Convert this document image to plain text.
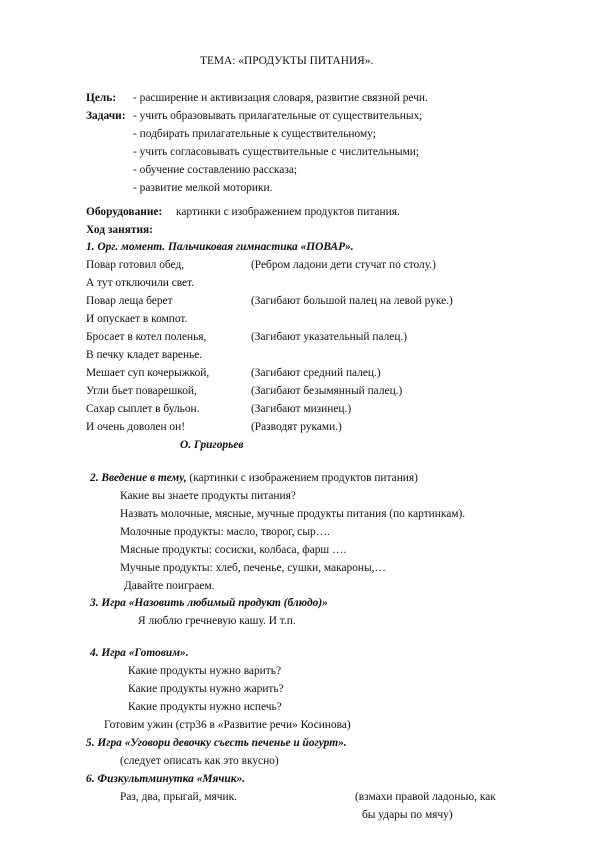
ТЕМА: «ПРОДУКТЫ ПИТАНИЯ».
Цель: - расширение и активизация словаря, развитие связной речи.
Задачи: - учить образовывать прилагательные от существительных;
- подбирать прилагательные к существительному;
- учить согласовывать существительные с числительными;
- обучение составлению рассказа;
- развитие мелкой моторики.
Оборудование: картинки с изображением продуктов питания.
Ход занятия:
1. Орг. момент. Пальчиковая гимнастика «ПОВАР».
Повар готовил обед,	(Ребром ладони дети стучат по столу.)
А тут отключили свет.
Повар леща берет	(Загибают большой палец на левой руке.)
И опускает в компот.
Бросает в котел поленья,	(Загибают указательный палец.)
В печку кладет варенье.
Мешает суп кочерыжкой,	(Загибают средний палец.)
Угли бьет поварешкой,	(Загибают безымянный палец.)
Сахар сыплет в бульон.	(Загибают мизинец.)
И очень доволен он!	(Разводят руками.)
О. Григорьев
2. Введение в тему, (картинки с изображением продуктов питания)
Какие вы знаете продукты питания?
Назвать молочные, мясные, мучные продукты питания (по картинкам).
Молочные продукты: масло, творог, сыр….
Мясные продукты: сосиски, колбаса, фарш ….
Мучные продукты: хлеб, печенье, сушки, макароны,…
Давайте поиграем.
3. Игра «Назовить любимый продукт (блюдо)»
Я люблю гречневую кашу. И т.п.
4. Игра «Готовим».
Какие продукты нужно варить?
Какие продукты нужно жарить?
Какие продукты нужно испечь?
Готовим ужин (стр36 в «Развитие речи» Косинова)
5. Игра «Уговори девочку съесть печенье и йогурт».
(следует описать как это вкусно)
6. Физкультминутка «Мячик».
Раз, два, прыгай, мячик.	(взмахи правой ладонью, как
бы удары по мячу)
